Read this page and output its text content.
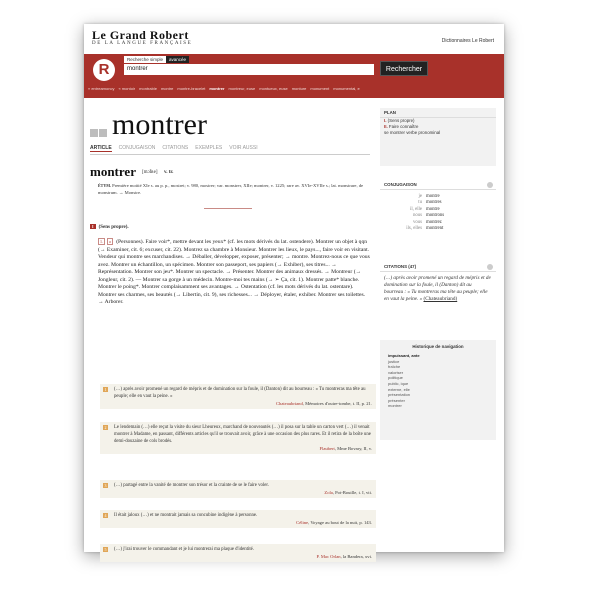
Le Grand Robert
DE LA LANGUE FRANÇAISE	Dictionnaires Le Robert
R
Recherche simple avancée
montrer	Rechercher
« entreamoncy « montoir montrable montre montre-bracelet montrer montreur, euse montueux, euse monture monument monumental, e
montrer
ARTICLE CONJUGAISON CITATIONS EXEMPLES VOIR AUSSI
montrer [mɔ̃tʀe] v. tr.
ÉTYM. Première moitié XIe s. au p. p., mostret; v. 980, mostrer; var. monstrer, XIIe; montrer, v. 1225; rare av. XVIe-XVIIe s.; lat. monstrare, de monstrum. → Monstre.
I (Sens propre).
1. a (Personnes). Faire voir*, mettre devant les yeux* (cf. les mots dérivés du lat. ostendere). Montrer un objet à qqn (→ Examiner, cit. 6; excuser, cit. 22). Montrez sa chambre à Monsieur. Montrer les lieux, le pays..., faire voir en visitant. Vendeur qui montre ses marchandises. → Déballer, développer, exposer, présenter; → montre. Montrez-nous ce que vous avez. Montrer un échantillon, un spécimen. Montrer son passeport, ses papiers (→ Exhiber), ses titres... → Représentation. Montrer son jeu*. Montrer un spectacle. → Présenter. Montrer des animaux dressés. → Montreur (→ Jongleur, cit. 2). — Montrer sa gorge à un médecin. Montre-moi tes mains (→ ➢ Ça, cit. 1). Montrer patte* blanche. Montrer le poing*. Montrer complaisamment ses avantages. → Ostentation (cf. les mots dérivés du lat. ostentare). Montrer ses charmes, ses beautés (→ Libertin, cit. 9), ses richesses... → Déployer, étaler, exhiber. Montrer ses toilettes. → Arborer.
1	(…) après avoir promené un regard de mépris et de domination sur la foule, il (Danton) dit au bourreau : « Tu montreras ma tête au peuple; elle en vaut la peine. »
Chateaubriand, Mémoires d'outre-tombe, t. II, p. 21.
2	Le lendemain (…) elle reçut la visite du sieur Lheureux, marchand de nouveautés (…) il posa sur la table un carton vert (…) il venait montrer à Madame, en passant, différents articles qu'il se trouvait avoir, grâce à une occasion des plus rares. Et il retira de la boîte une demi-douzaine de cols brodés.
Flaubert, Mme Bovary, II, v.
3	(…) partagé entre la vanité de montrer son trésor et la crainte de se le faire voler.
Zola, Pot-Bouille, t. I, vii.
4	Il était jaloux (…) et ne montrait jamais sa concubine indigène à personne.
Céline, Voyage au bout de la nuit, p. 143.
5	(…) j'irai trouver le commandant et je lui montrerai ma plaque d'identité.
P. Mac Orlan, la Bandera, xvi.
PLAN
I. (Sens propre)
II. Faire connaître
se montrer verbe pronominal
CONJUGAISON
je montre
tu montres
il, elle montre
nous montrons
vous montrez
ils, elles montrent
CITATIONS (47)
(…) après avoir promené un regard de mépris et de domination sur la foule, il (Danton) dit au bourreau : « Tu montreras ma tête au peuple; elle en vaut la peine. » (Chateaubriand)
Historique de navigation
impuissant, ante
justice
fraîche
valoriser
politique
public, ique
externe, elle
présentation
présenter
montrer
